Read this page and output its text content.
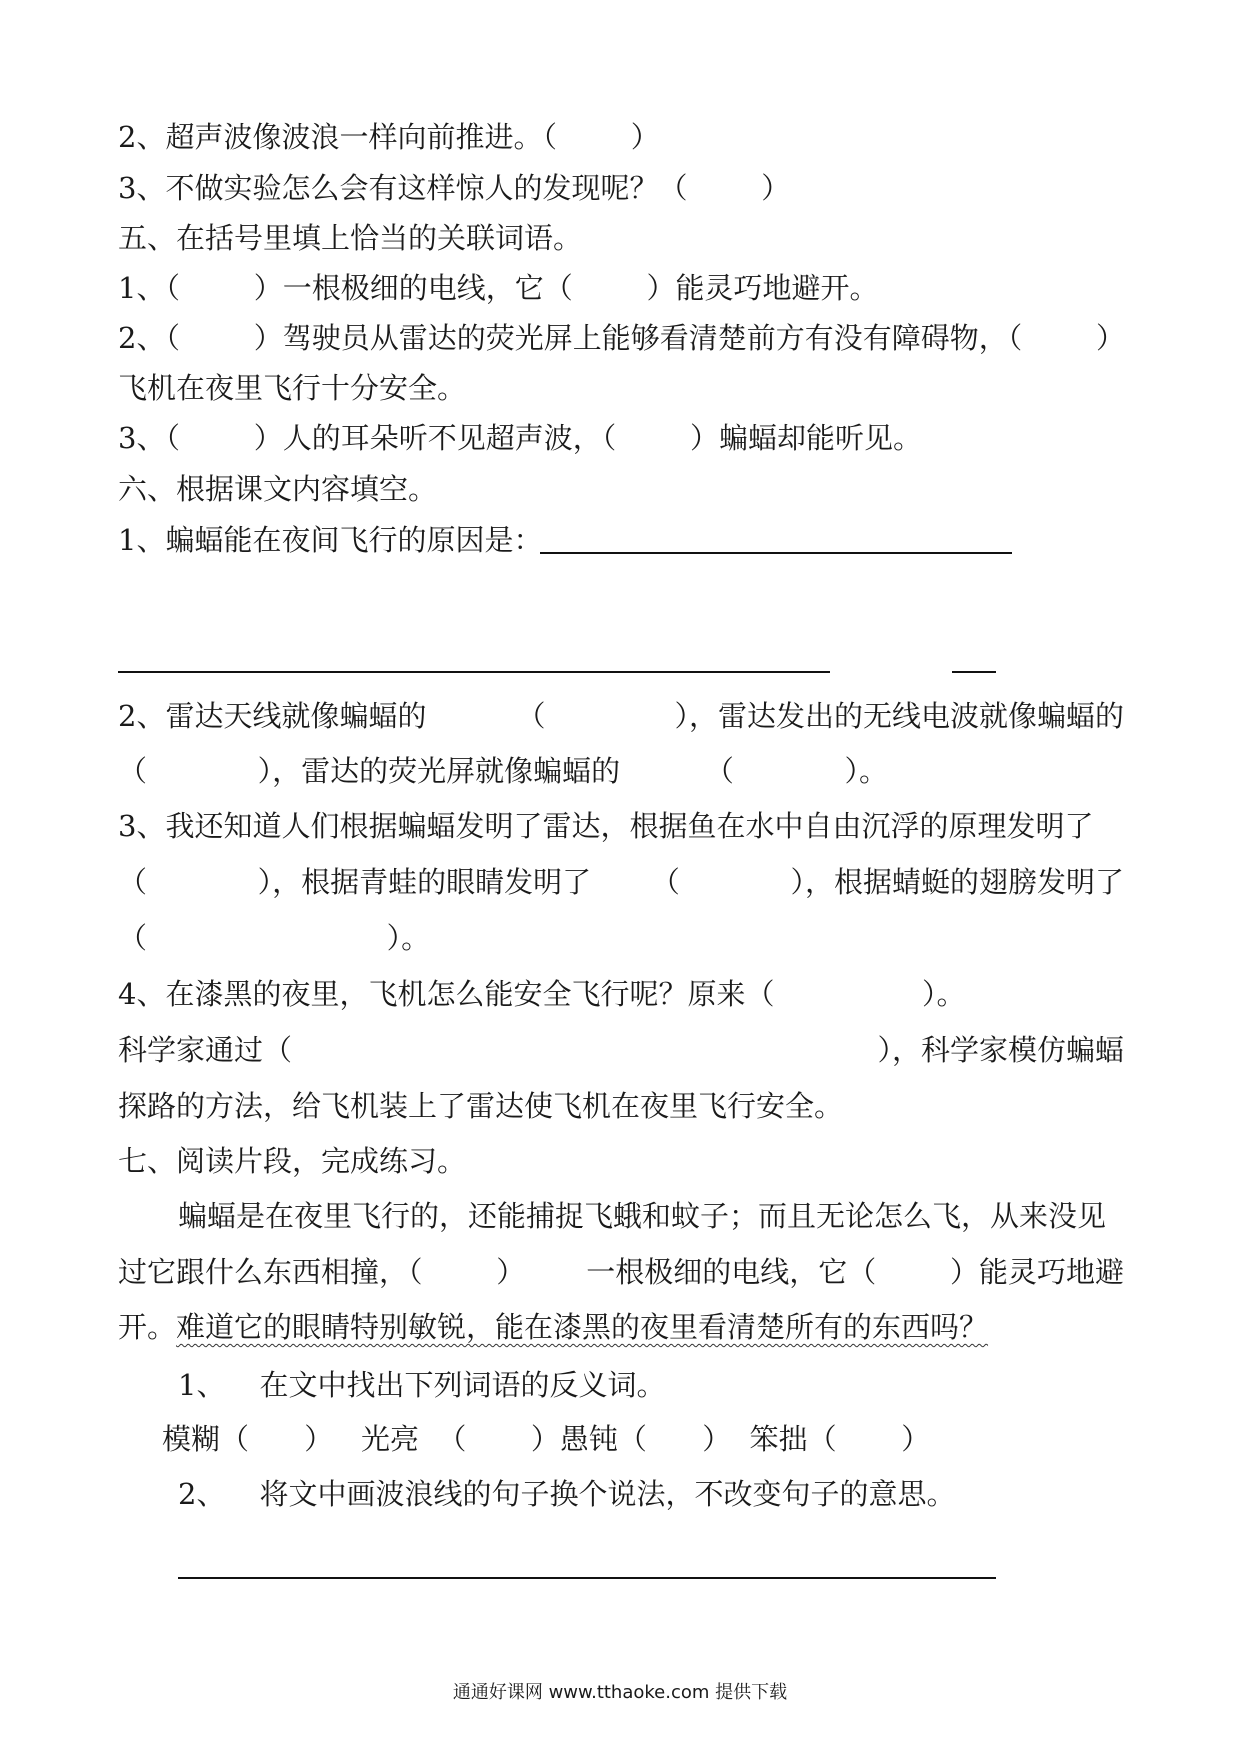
2、超声波像波浪一样向前推进。（        ）
3、不做实验怎么会有这样惊人的发现呢？（        ）
五、在括号里填上恰当的关联词语。
1、（        ）一根极细的电线，它（        ）能灵巧地避开。
2、（        ）驾驶员从雷达的荧光屏上能够看清楚前方有没有障碍物，（        ）
飞机在夜里飞行十分安全。
3、（        ）人的耳朵听不见超声波，（        ）蝙蝠却能听见。
六、根据课文内容填空。
1、蝙蝠能在夜间飞行的原因是：
2、雷达天线就像蝙蝠的	（              ），雷达发出的无线电波就像蝙蝠的
（            ），雷达的荧光屏就像蝙蝠的	（            ）。
3、我还知道人们根据蝙蝠发明了雷达，根据鱼在水中自由沉浮的原理发明了
（            ），根据青蛙的眼睛发明了 （            ），根据蜻蜓的翅膀发明了
（                          ）。
4、在漆黑的夜里，飞机怎么能安全飞行呢？原来（                ）。
科学家通过（	），科学家模仿蝙蝠
探路的方法，给飞机装上了雷达使飞机在夜里飞行安全。
七、阅读片段，完成练习。
蝙蝠是在夜里飞行的，还能捕捉飞蛾和蚊子；而且无论怎么飞，从来没见
过它跟什么东西相撞，（        ） 一根极细的电线，它（        ）能灵巧地避
开。难道它的眼睛特别敏锐，能在漆黑的夜里看清楚所有的东西吗？
1、 在文中找出下列词语的反义词。
模糊（      ）   光亮  （       ）愚钝（      ）  笨拙（       ）
2、 将文中画波浪线的句子换个说法，不改变句子的意思。
通通好课网 www.tthaoke.com 提供下载
